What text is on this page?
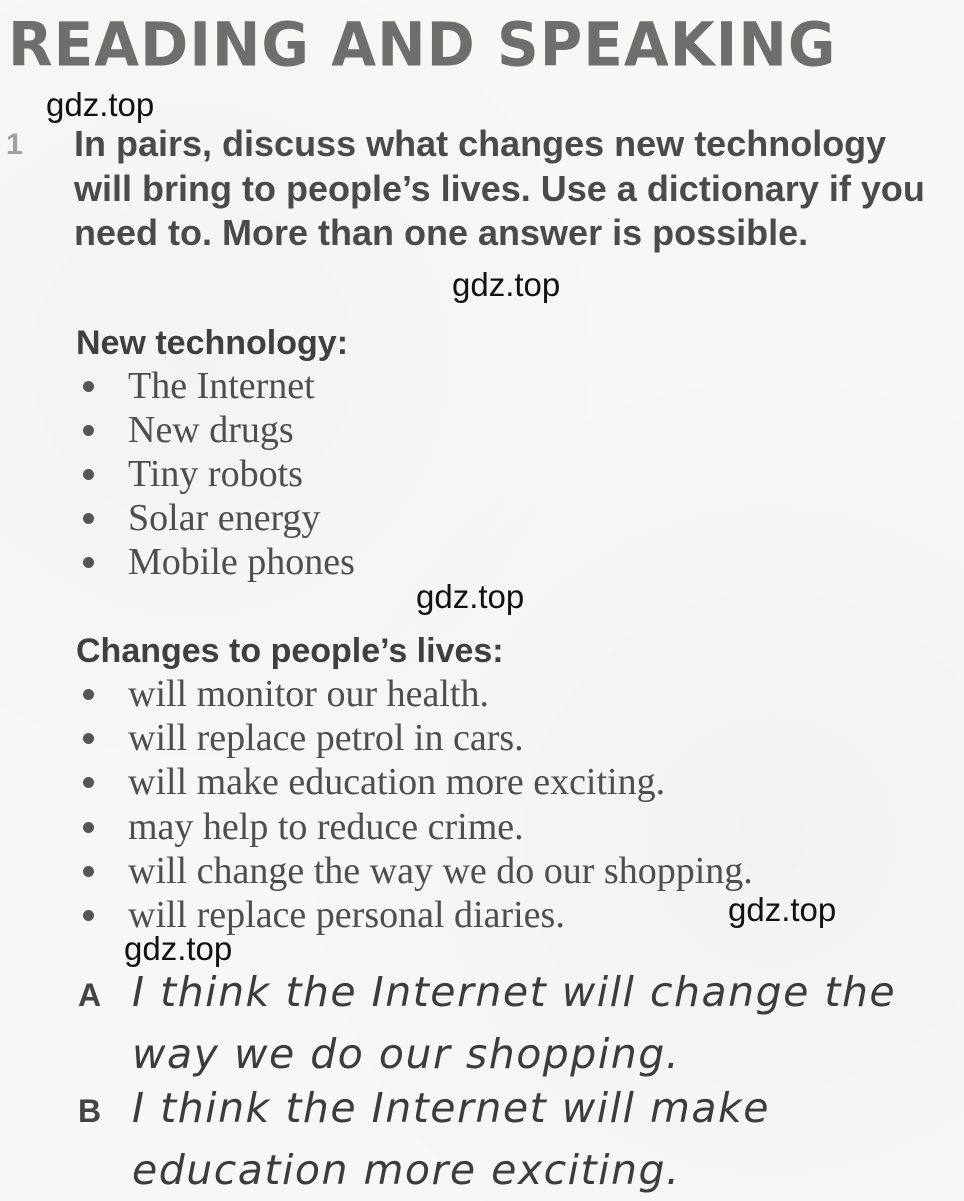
READING AND SPEAKING
gdz.top
1 In pairs, discuss what changes new technology will bring to people’s lives. Use a dictionary if you need to. More than one answer is possible.

gdz.top
New technology:
The Internet
New drugs
Tiny robots
Solar energy
Mobile phones
gdz.top
Changes to people’s lives:
will monitor our health.
will replace petrol in cars.
will make education more exciting.
may help to reduce crime.
will change the way we do our shopping.
will replace personal diaries.	gdz.top
gdz.top
A I think the Internet will change the
way we do our shopping.
B I think the Internet will make
education more exciting.
